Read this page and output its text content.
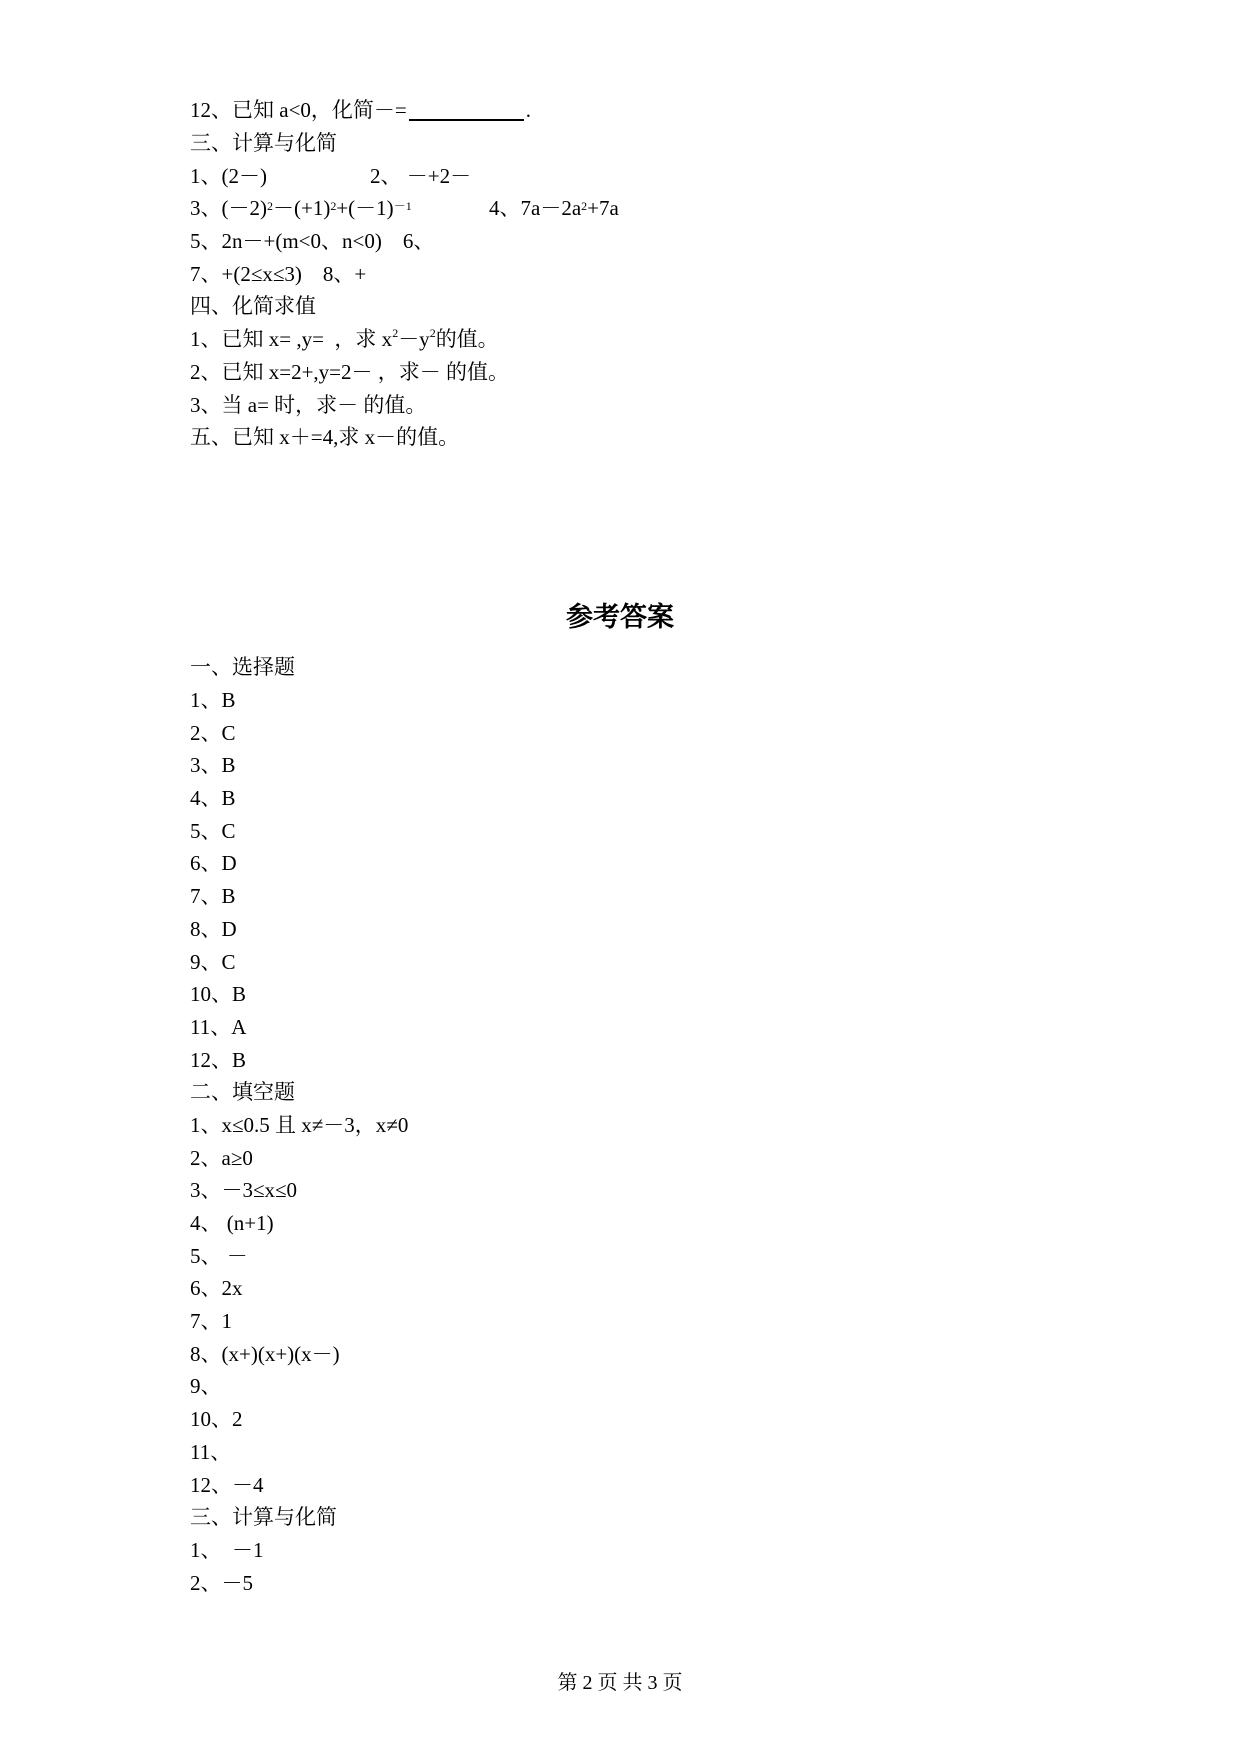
12、已知 a<0，化简－=	.
三、计算与化简
1、(2－)	2、 －+2－
3、(－2) 2 －(+1) 2 +(－1) －1	4、7a－2a 2 +7a
5、2n－+(m<0、n<0)    6、
7、+(2≤x≤3)    8、+
四、化简求值
1、已知 x= ,y=  ，求 x 2 －y 2 的值。
2、已知 x=2+,y=2－ ，求－ 的值。
3、当 a= 时，求－ 的值。
五、已知 x＋=4,求 x－的值。
参考答案
一、选择题
1、B
2、C
3、B
4、B
5、C
6、D
7、B
8、D
9、C
10、B
11、A
12、B
二、填空题
1、x≤0.5 且 x≠－3，x≠0
2、a≥0
3、－3≤x≤0
4、 (n+1)
5、 －
6、2x
7、1
8、(x+)(x+)(x－)
9、
10、2
11、
12、－4
三、计算与化简
1、  －1
2、－5
第 2 页 共 3 页
